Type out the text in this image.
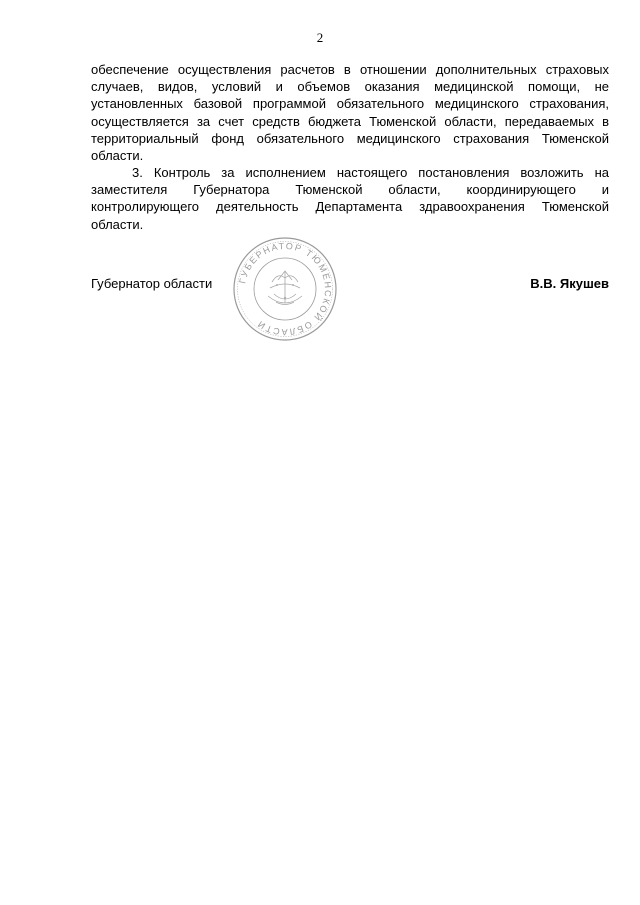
2

обеспечение осуществления расчетов в отношении дополнительных страховых случаев, видов, условий и объемов оказания медицинской помощи, не установленных базовой программой обязательного медицинского страхования, осуществляется за счет средств бюджета Тюменской области, передаваемых в территориальный фонд обязательного медицинского страхования Тюменской области.

3. Контроль за исполнением настоящего постановления возложить на заместителя Губернатора Тюменской области, координирующего и контролирующего деятельность Департамента здравоохранения Тюменской области.

Губернатор области	В.В. Якушев
ГУБЕРНАТОР ТЮМЕНСКОЙ ОБЛАСТИ
